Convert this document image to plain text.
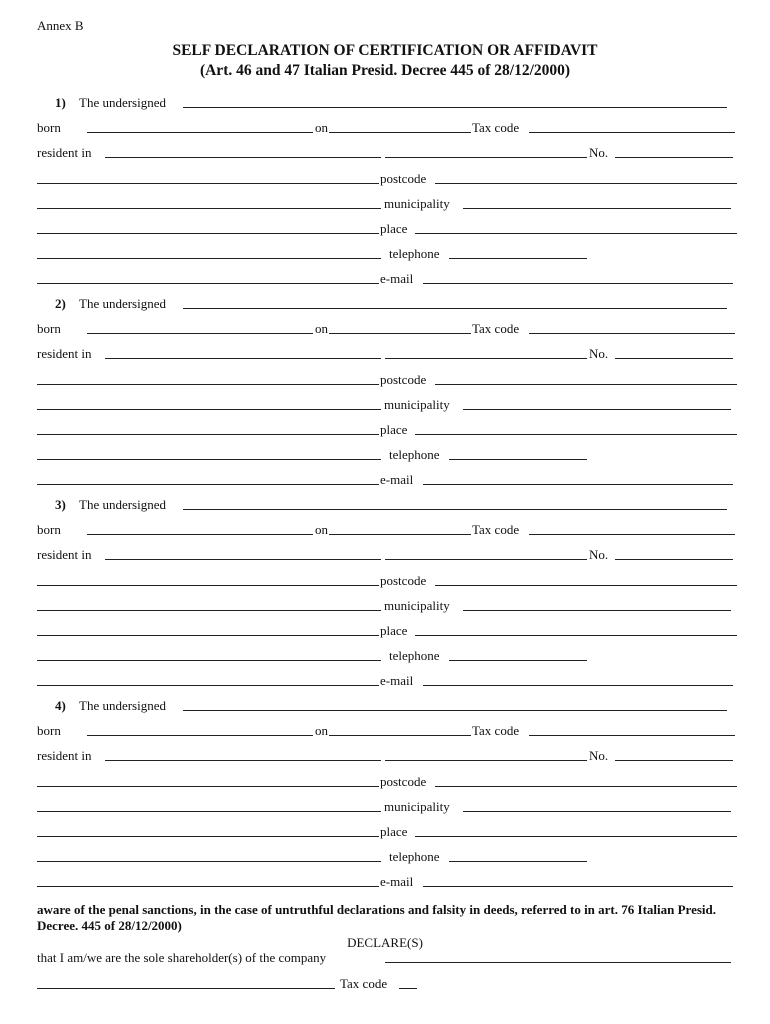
Annex B
SELF DECLARATION OF CERTIFICATION OR AFFIDAVIT
(Art. 46 and 47 Italian Presid. Decree 445 of 28/12/2000)
1) The undersigned
born	on	Tax code
resident in	No.
postcode
municipality
place
telephone
e-mail
2) The undersigned
born	on	Tax code
resident in	No.
postcode
municipality
place
telephone
e-mail
3) The undersigned
born	on	Tax code
resident in	No.
postcode
municipality
place
telephone
e-mail
4) The undersigned
born	on	Tax code
resident in	No.
postcode
municipality
place
telephone
e-mail
aware of the penal sanctions, in the case of untruthful declarations and falsity in deeds, referred to in art. 76 Italian Presid. Decree. 445 of 28/12/2000)
DECLARE(S)
that I am/we are the sole shareholder(s) of the company
Tax code
